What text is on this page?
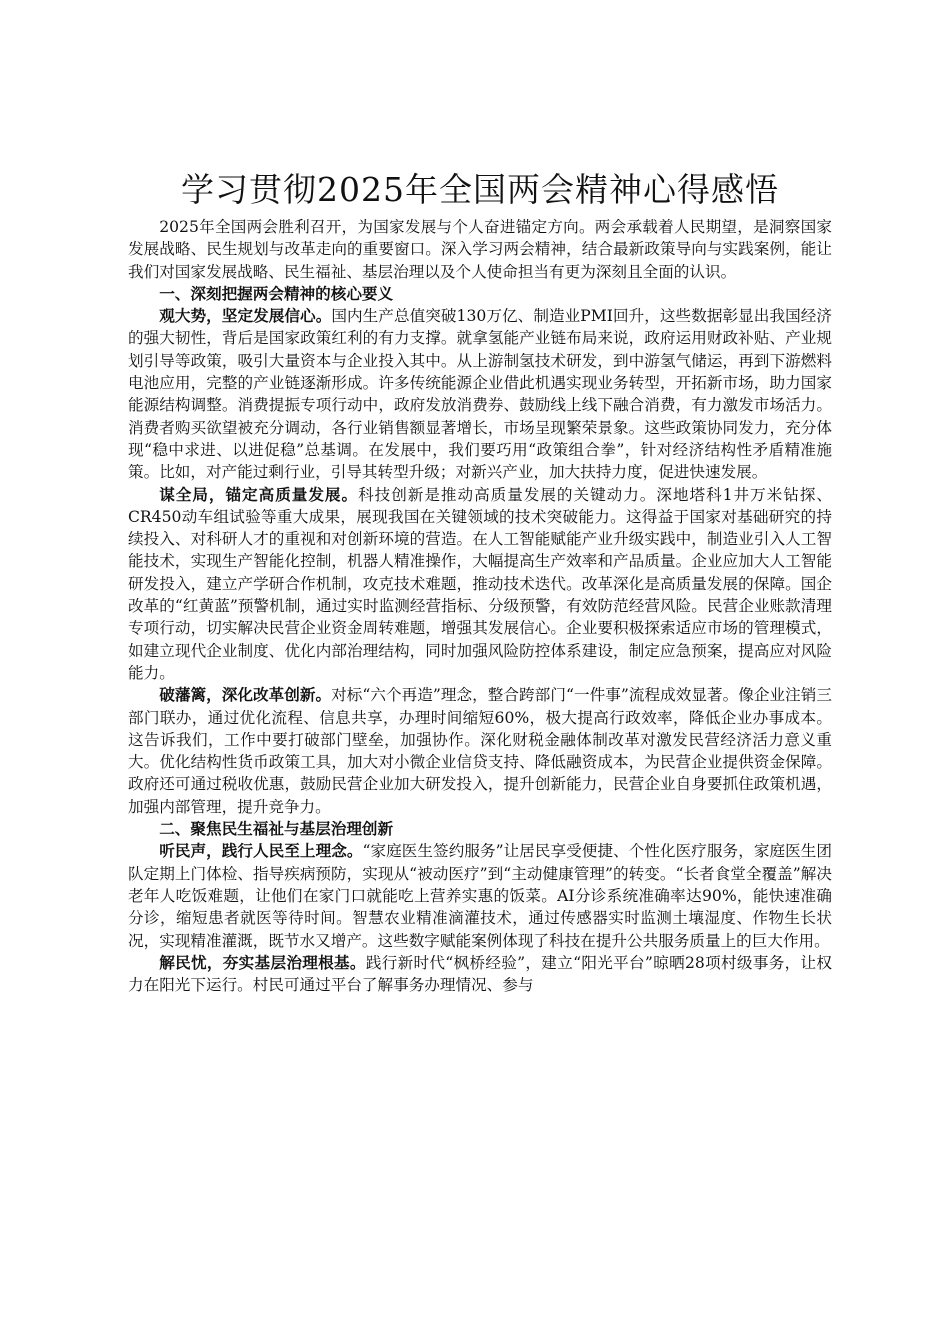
学习贯彻2025年全国两会精神心得感悟

2025年全国两会胜利召开，为国家发展与个人奋进锚定方向。两会承载着人民期望，是洞察国家发展战略、民生规划与改革走向的重要窗口。深入学习两会精神，结合最新政策导向与实践案例，能让我们对国家发展战略、民生福祉、基层治理以及个人使命担当有更为深刻且全面的认识。

一、深刻把握两会精神的核心要义

观大势，坚定发展信心。国内生产总值突破130万亿、制造业PMI回升，这些数据彰显出我国经济的强大韧性，背后是国家政策红利的有力支撑。就拿氢能产业链布局来说，政府运用财政补贴、产业规划引导等政策，吸引大量资本与企业投入其中。从上游制氢技术研发，到中游氢气储运，再到下游燃料电池应用，完整的产业链逐渐形成。许多传统能源企业借此机遇实现业务转型，开拓新市场，助力国家能源结构调整。消费提振专项行动中，政府发放消费券、鼓励线上线下融合消费，有力激发市场活力。消费者购买欲望被充分调动，各行业销售额显著增长，市场呈现繁荣景象。这些政策协同发力，充分体现“稳中求进、以进促稳”总基调。在发展中，我们要巧用“政策组合拳”，针对经济结构性矛盾精准施策。比如，对产能过剩行业，引导其转型升级；对新兴产业，加大扶持力度，促进快速发展。

谋全局，锚定高质量发展。科技创新是推动高质量发展的关键动力。深地塔科1井万米钻探、CR450动车组试验等重大成果，展现我国在关键领域的技术突破能力。这得益于国家对基础研究的持续投入、对科研人才的重视和对创新环境的营造。在人工智能赋能产业升级实践中，制造业引入人工智能技术，实现生产智能化控制，机器人精准操作，大幅提高生产效率和产品质量。企业应加大人工智能研发投入，建立产学研合作机制，攻克技术难题，推动技术迭代。改革深化是高质量发展的保障。国企改革的“红黄蓝”预警机制，通过实时监测经营指标、分级预警，有效防范经营风险。民营企业账款清理专项行动，切实解决民营企业资金周转难题，增强其发展信心。企业要积极探索适应市场的管理模式，如建立现代企业制度、优化内部治理结构，同时加强风险防控体系建设，制定应急预案，提高应对风险能力。

破藩篱，深化改革创新。对标“六个再造”理念，整合跨部门“一件事”流程成效显著。像企业注销三部门联办，通过优化流程、信息共享，办理时间缩短60%，极大提高行政效率，降低企业办事成本。这告诉我们，工作中要打破部门壁垒，加强协作。深化财税金融体制改革对激发民营经济活力意义重大。优化结构性货币政策工具，加大对小微企业信贷支持、降低融资成本，为民营企业提供资金保障。政府还可通过税收优惠，鼓励民营企业加大研发投入，提升创新能力，民营企业自身要抓住政策机遇，加强内部管理，提升竞争力。

二、聚焦民生福祉与基层治理创新

听民声，践行人民至上理念。“家庭医生签约服务”让居民享受便捷、个性化医疗服务，家庭医生团队定期上门体检、指导疾病预防，实现从“被动医疗”到“主动健康管理”的转变。“长者食堂全覆盖”解决老年人吃饭难题，让他们在家门口就能吃上营养实惠的饭菜。AI分诊系统准确率达90%，能快速准确分诊，缩短患者就医等待时间。智慧农业精准滴灌技术，通过传感器实时监测土壤湿度、作物生长状况，实现精准灌溉，既节水又增产。这些数字赋能案例体现了科技在提升公共服务质量上的巨大作用。

解民忧，夯实基层治理根基。践行新时代“枫桥经验”，建立“阳光平台”晾晒28项村级事务，让权力在阳光下运行。村民可通过平台了解事务办理情况、参与
